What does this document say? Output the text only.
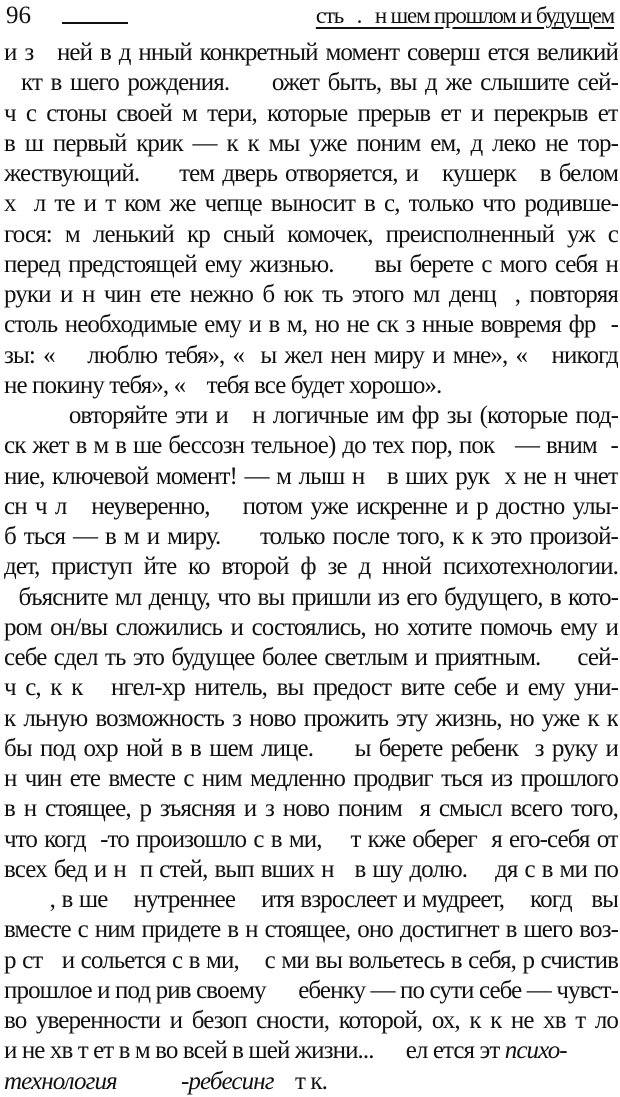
96	сть   .   н шем прошлом и будущем
и з   ней в д нный конкретный момент соверш ется великий
кт в шего рождения.     ожет быть, вы д же слышите сей-
ч с стоны своей м тери, которые прерыв ет и перекрыв ет
в ш первый крик — к к мы уже поним ем, д леко не тор-
жествующий.     тем дверь отворяется, и   кушерк   в белом
х  л те и т ком же чепце выносит в с, только что родивше-
гося: м ленький кр сный комочек, преисполненный уж с
перед предстоящей ему жизнью.     вы берете с мого себя н
руки и н чин ете нежно б юк ть этого мл денц  , повторяя
столь необходимые ему и в м, но не ск з нные вовремя фр  -
зы: «    люблю тебя», «  ы жел нен миру и мне», «   никогд
не покину тебя», «    тебя все будет хорошо».
овторяйте эти и   н логичные им фр зы (которые под-
ск жет в м в ше бессозн тельное) до тех пор, пок   — вним  -
ние, ключевой момент! — м лыш н   в ших рук  х не н чнет
сн ч л   неуверенно,    потом уже искренне и р достно улы-
б ться — в м и миру.     только после того, к к это произой-
дет, приступ йте ко второй ф зе д нной психотехнологии.
бъясните мл денцу, что вы пришли из его будущего, в кото-
ром он/вы сложились и состоялись, но хотите помочь ему и
себе сдел ть это будущее более светлым и приятным.     сей-
ч с, к к   нгел-хр нитель, вы предост вите себе и ему уни-
к льную возможность з ново прожить эту жизнь, но уже к к
бы под охр ной в в шем лице.     ы берете ребенк  з руку и
н чин ете вместе с ним медленно продвиг ться из прошлого
в н стоящее, р зъясняя и з ново поним  я смысл всего того,
что когд  -то произошло с в ми,    т кже оберег  я его-себя от
всех бед и н  п стей, вып вших н   в шу долю.    дя с в ми по
, в ше    нутреннее    итя взрослеет и мудреет,    когд   вы
вместе с ним придете в н стоящее, оно достигнет в шего воз-
р ст   и сольется с в ми,    с ми вы вольетесь в себя, р счистив
прошлое и под рив своему      ебенку — по сути себе — чувст-
во уверенности и безоп сности, которой, ох, к к не хв т ло
и не хв т ет в м во всей в шей жизни...      ел ется эт психо-
технология	-ребесинг т к.
